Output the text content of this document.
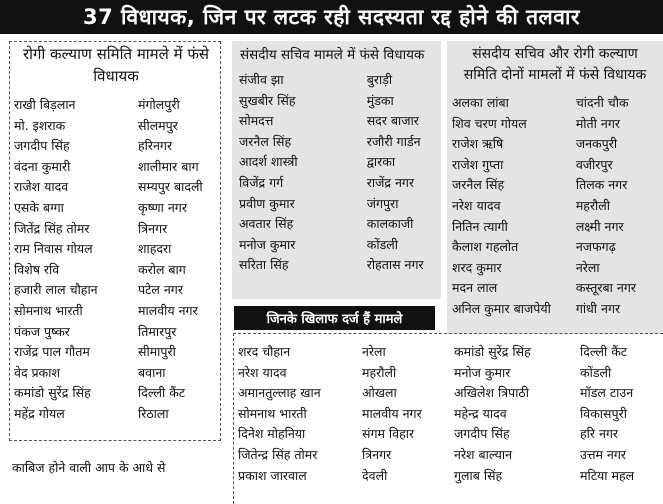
37 विधायक, जिन पर लटक रही सदस्यता रद्द होने की तलवार
रोगी कल्याण समिति मामले में फंसे
विधायक
राखी बिड़लान	मंगोलपुरी
मो. इशराक	सीलमपुर
जगदीप सिंह	हरिनगर
वंदना कुमारी	शालीमार बाग
राजेश यादव	सम्यपुर बादली
एसके बग्गा	कृष्णा नगर
जितेंद्र सिंह तोमर	त्रिनगर
राम निवास गोयल	शाहदरा
विशेष रवि	करोल बाग
हजारी लाल चौहान	पटेल नगर
सोमनाथ भारती	मालवीय नगर
पंकज पुष्कर	तिमारपुर
राजेंद्र पाल गौतम	सीमापुरी
वेद प्रकाश	बवाना
कमांडो सुरेंद्र सिंह	दिल्ली कैंट
महेंद्र गोयल	रिठाला
काबिज होने वाली आप के आधे से
संसदीय सचिव मामले में फंसे विधायक
संजीव झा	बुराड़ी
सुखबीर सिंह	मुंडका
सोमदत्त	सदर बाजार
जरनैल सिंह	रजौरी गार्डन
आदर्श शास्त्री	द्वारका
विजेंद्र गर्ग	राजेंद्र नगर
प्रवीण कुमार	जंगपुरा
अवतार सिंह	कालकाजी
मनोज कुमार	कोंडली
सरिता सिंह	रोहतास नगर
संसदीय सचिव और रोगी कल्याण
समिति दोनों मामलों में फंसे विधायक
अलका लांबा	चांदनी चौक
शिव चरण गोयल	मोती नगर
राजेश ऋषि	जनकपुरी
राजेश गुप्ता	वजीरपुर
जरनैल सिंह	तिलक नगर
नरेश यादव	महरौली
नितिन त्यागी	लक्ष्मी नगर
कैलाश गहलोत	नजफगढ़
शरद कुमार	नरेला
मदन लाल	कस्तूरबा नगर
अनिल कुमार बाजपेयी	गांधी नगर
जिनके खिलाफ दर्ज हैं मामले
शरद चौहान	नरेला	कमांडो सुरेंद्र सिंह	दिल्ली कैंट
नरेश यादव	महरौली	मनोज कुमार	कोंडली
अमानतुल्लाह खान	ओखला	अखिलेश त्रिपाठी	मॉडल टाउन
सोमनाथ भारती	मालवीय नगर	महेन्द्र यादव	विकासपुरी
दिनेश मोहनिया	संगम विहार	जगदीप सिंह	हरि नगर
जितेन्द्र सिंह तोमर	त्रिनगर	नरेश बाल्यान	उत्तम नगर
प्रकाश जारवाल	देवली	गुलाब सिंह	मटिया महल
